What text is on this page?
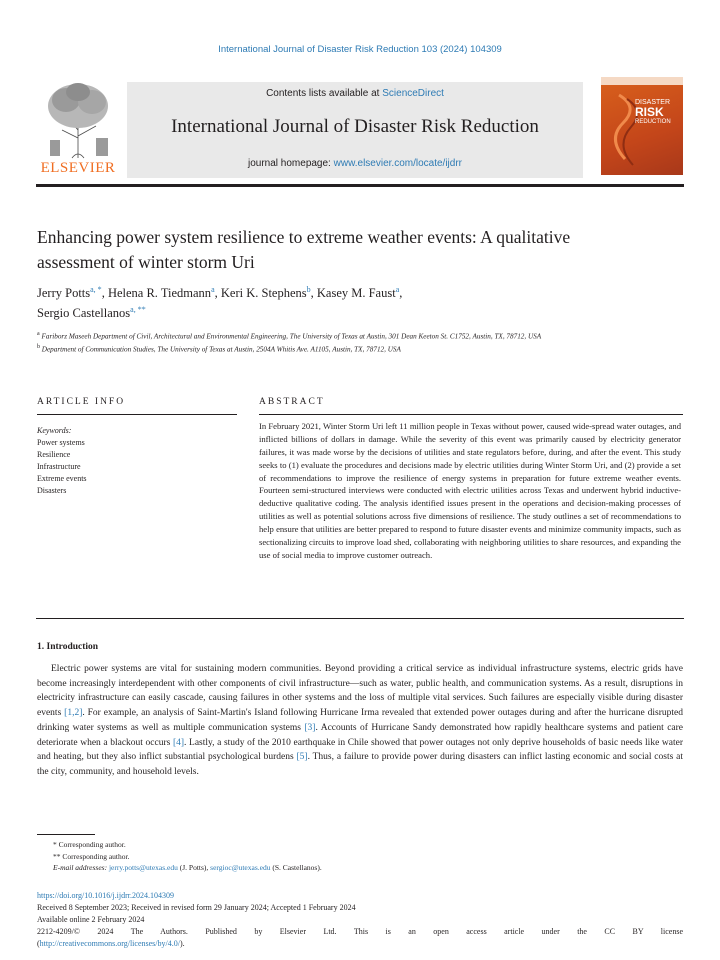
International Journal of Disaster Risk Reduction 103 (2024) 104309
ELSEVIER
Contents lists available at ScienceDirect
International Journal of Disaster Risk Reduction
journal homepage: www.elsevier.com/locate/ijdrr
DISASTER
RISK
REDUCTION
Enhancing power system resilience to extreme weather events: A qualitative assessment of winter storm Uri
Jerry Potts$^{a, *}$, Helena R. Tiedmann$^a$, Keri K. Stephens$^b$, Kasey M. Faust$^a$,
Sergio Castellanos$^{a, **}$
$^a$ Fariborz Maseeh Department of Civil, Architectural and Environmental Engineering, The University of Texas at Austin, 301 Dean Keeton St. C1752, Austin, TX, 78712, USA
$^b$ Department of Communication Studies, The University of Texas at Austin, 2504A Whitis Ave. A1105, Austin, TX, 78712, USA
ARTICLE INFO	ABSTRACT
Keywords:
Power systems
Resilience
Infrastructure
Extreme events
Disasters
In February 2021, Winter Storm Uri left 11 million people in Texas without power, caused wide-spread water outages, and inflicted billions of dollars in damage. While the severity of this event was primarily caused by electricity generator failures, it was made worse by the decisions of utilities and state regulators before, during, and after the event. This study seeks to (1) evaluate the procedures and decisions made by electric utilities during Winter Storm Uri, and (2) provide a set of recommendations to improve the resilience of energy systems in preparation for future extreme weather events. Fourteen semi-structured interviews were conducted with electric utilities across Texas and underwent hybrid inductive-deductive qualitative coding. The analysis identified issues present in the operations and decision-making processes of utilities as well as potential solutions across five dimensions of resilience. The study outlines a set of recommendations to help ensure that utilities are better prepared to respond to future disaster events and minimize community impacts, such as sectionalizing circuits to improve load shed, collaborating with neighboring utilities to share resources, and expanding the use of social media to improve customer outreach.
1. Introduction
Electric power systems are vital for sustaining modern communities. Beyond providing a critical service as individual infrastructure systems, electric grids have become increasingly interdependent with other components of civil infrastructure—such as water, public health, and communication systems. As a result, disruptions in electricity infrastructure can easily cascade, causing failures in other systems and the loss of multiple vital services. Such failures are especially visible during disaster events [1,2]. For example, an analysis of Saint-Martin's Island following Hurricane Irma revealed that extended power outages during and after the hurricane disrupted drinking water systems as well as multiple communication systems [3]. Accounts of Hurricane Sandy demonstrated how rapidly healthcare systems and patient care deteriorate when a blackout occurs [4]. Lastly, a study of the 2010 earthquake in Chile showed that power outages not only deprive households of basic needs like water and heating, but they also inflict substantial psychological burdens [5]. Thus, a failure to provide power during disasters can inflict lasting economic and social costs at the city, community, and household levels.
* Corresponding author.
** Corresponding author.
E-mail addresses: jerry.potts@utexas.edu (J. Potts), sergioc@utexas.edu (S. Castellanos).
https://doi.org/10.1016/j.ijdrr.2024.104309
Received 8 September 2023; Received in revised form 29 January 2024; Accepted 1 February 2024
Available online 2 February 2024
2212-4209/© 2024 The Authors. Published by Elsevier Ltd. This is an open access article under the CC BY license
(http://creativecommons.org/licenses/by/4.0/).
